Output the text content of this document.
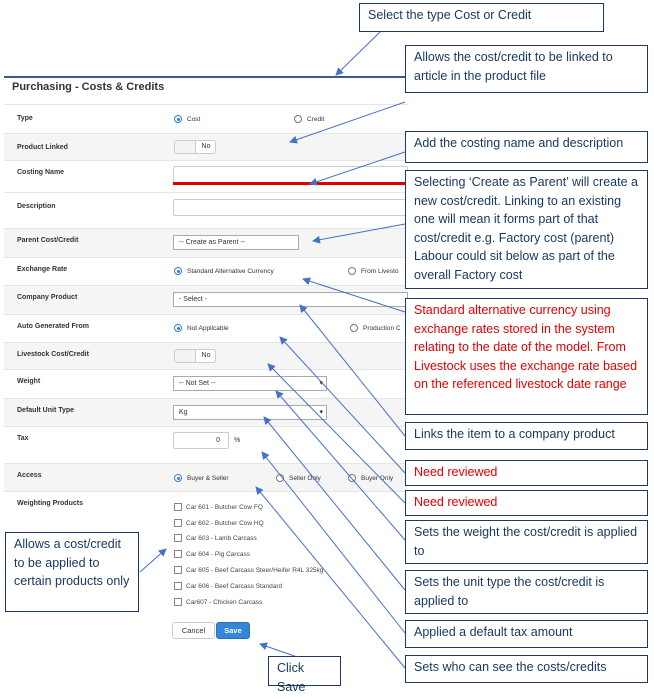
Purchasing - Costs & Credits
Type	Cost	Credit
Product Linked	No
Costing Name
Description
Parent Cost/Credit	-- Create as Parent --
Exchange Rate	Standard Alternative Currency	From Livesto
Company Product	- Select -
Auto Generated From	Not Applicable	Production C
Livestock Cost/Credit	No
Weight	-- Not Set --	▾
Default Unit Type	Kg	▾
Tax	0	%
Access	Buyer & Seller	Seller Only	Buyer Only
Weighting Products	Car 601 - Butcher Cow FQ
Car 602 - Butcher Cow HQ
Car 603 - Lamb Carcass
Car 604 - Pig Carcass
Car 605 - Beef Carcass Steer/Heifer R4L 325kg
Car 606 - Beef Carcass Standard
Car607 - Chicken Carcass
Cancel	Save
Select the type Cost or Credit
Allows the cost/credit to be linked to article in the product file
Add the costing name and description
Selecting ‘Create as Parent’ will create a new cost/credit. Linking to an existing one will mean it forms part of that cost/credit e.g. Factory cost (parent) Labour could sit below as part of the overall Factory cost
Standard alternative currency using exchange rates stored in the system relating to the date of the model. From Livestock uses the exchange rate based on the referenced livestock date range
Links the item to a company product
Need reviewed
Need reviewed
Sets the weight the cost/credit is applied to
Sets the unit type the cost/credit is applied to
Applied a default tax amount
Sets who can see the costs/credits
Allows a cost/credit to be applied to certain products only
Click Save
